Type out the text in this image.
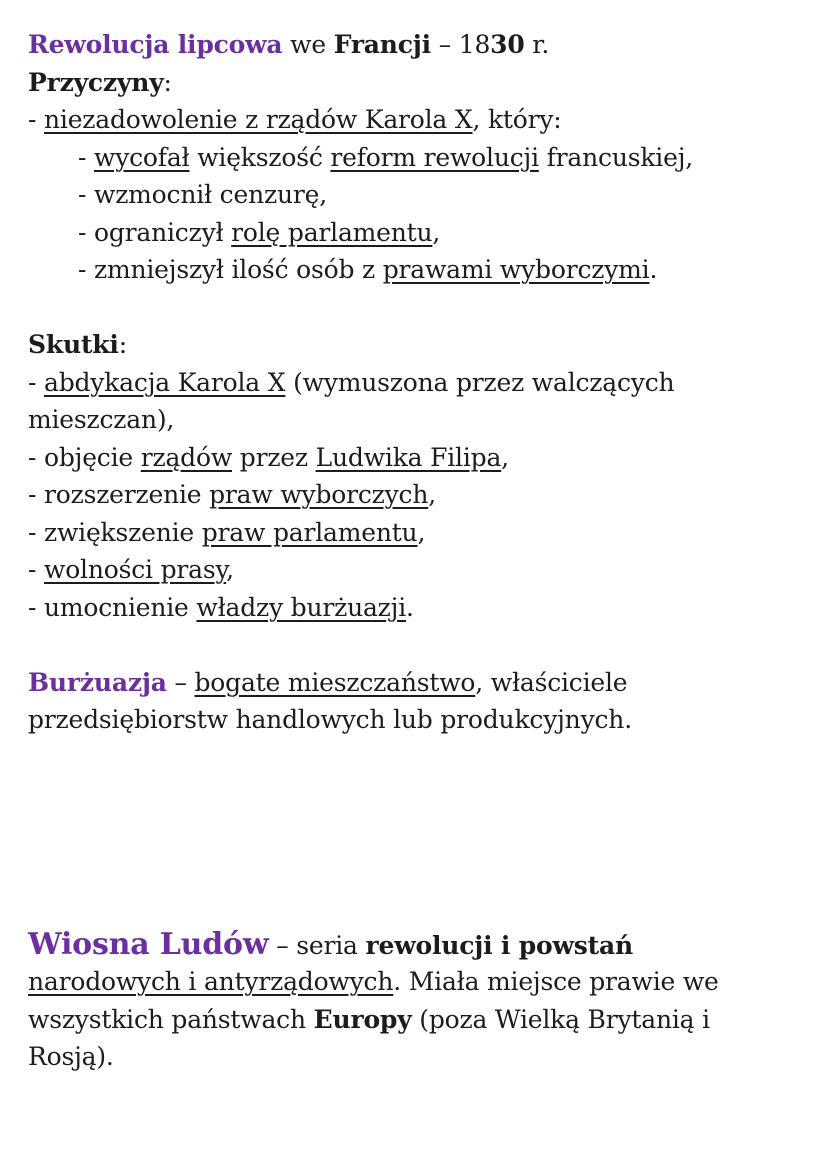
Rewolucja lipcowa we Francji – 1830 r.
Przyczyny:
- niezadowolenie z rządów Karola X, który:
- wycofał większość reform rewolucji francuskiej,
- wzmocnił cenzurę,
- ograniczył rolę parlamentu,
- zmniejszył ilość osób z prawami wyborczymi.
Skutki:
- abdykacja Karola X (wymuszona przez walczących
mieszczan),
- objęcie rządów przez Ludwika Filipa,
- rozszerzenie praw wyborczych,
- zwiększenie praw parlamentu,
- wolności prasy,
- umocnienie władzy burżuazji.
Burżuazja – bogate mieszczaństwo, właściciele
przedsiębiorstw handlowych lub produkcyjnych.
Wiosna Ludów – seria rewolucji i powstań
narodowych i antyrządowych. Miała miejsce prawie we
wszystkich państwach Europy (poza Wielką Brytanią i
Rosją).
